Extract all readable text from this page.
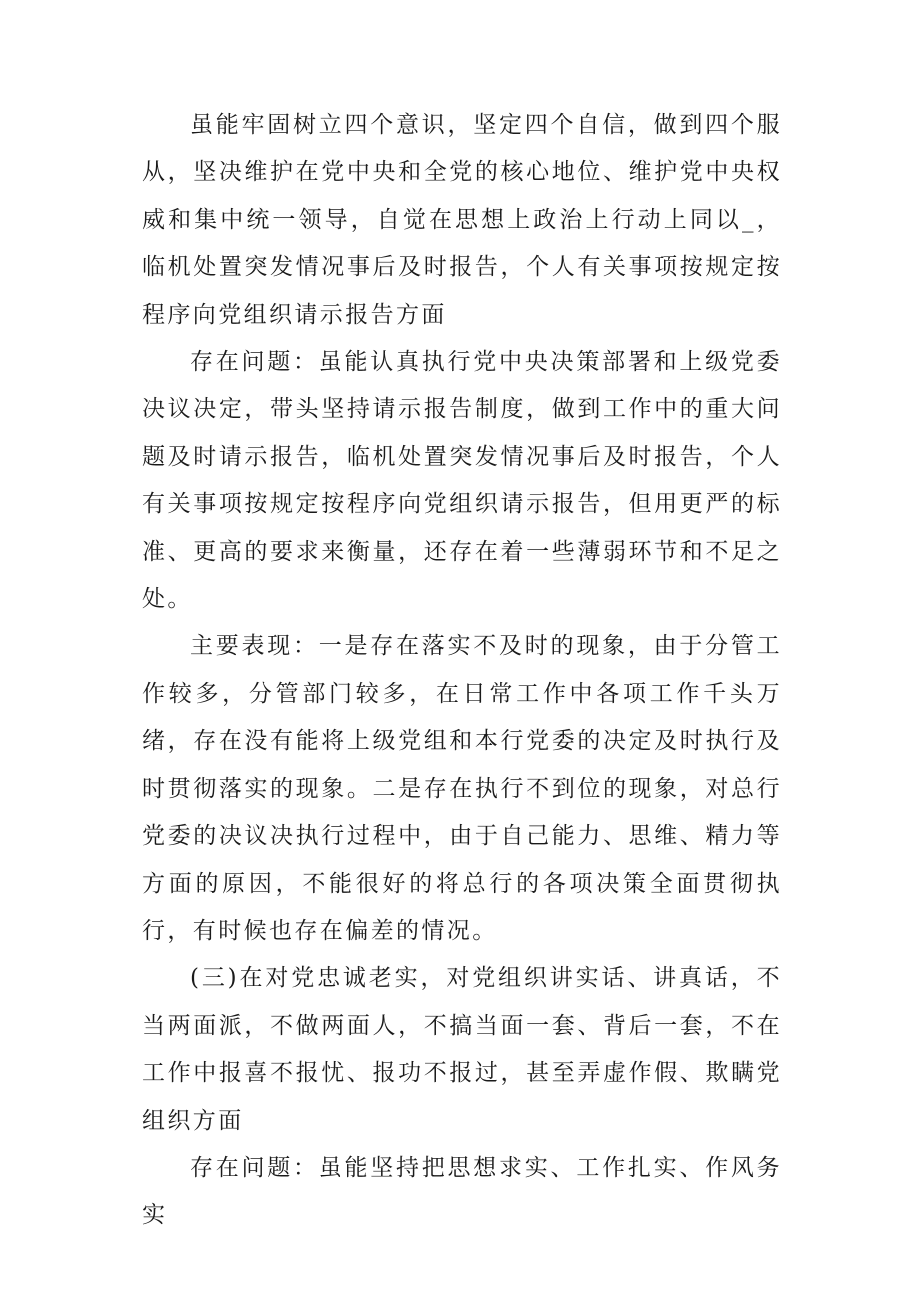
虽能牢固树立四个意识，坚定四个自信，做到四个服从，坚决维护在党中央和全党的核心地位、维护党中央权威和集中统一领导，自觉在思想上政治上行动上同以_，临机处置突发情况事后及时报告，个人有关事项按规定按程序向党组织请示报告方面

存在问题：虽能认真执行党中央决策部署和上级党委决议决定，带头坚持请示报告制度，做到工作中的重大问题及时请示报告，临机处置突发情况事后及时报告，个人有关事项按规定按程序向党组织请示报告，但用更严的标准、更高的要求来衡量，还存在着一些薄弱环节和不足之处。

主要表现：一是存在落实不及时的现象，由于分管工作较多，分管部门较多，在日常工作中各项工作千头万绪，存在没有能将上级党组和本行党委的决定及时执行及时贯彻落实的现象。二是存在执行不到位的现象，对总行党委的决议决执行过程中，由于自己能力、思维、精力等方面的原因，不能很好的将总行的各项决策全面贯彻执行，有时候也存在偏差的情况。

(三)在对党忠诚老实，对党组织讲实话、讲真话，不当两面派，不做两面人，不搞当面一套、背后一套，不在工作中报喜不报忧、报功不报过，甚至弄虚作假、欺瞒党组织方面

存在问题：虽能坚持把思想求实、工作扎实、作风务实
